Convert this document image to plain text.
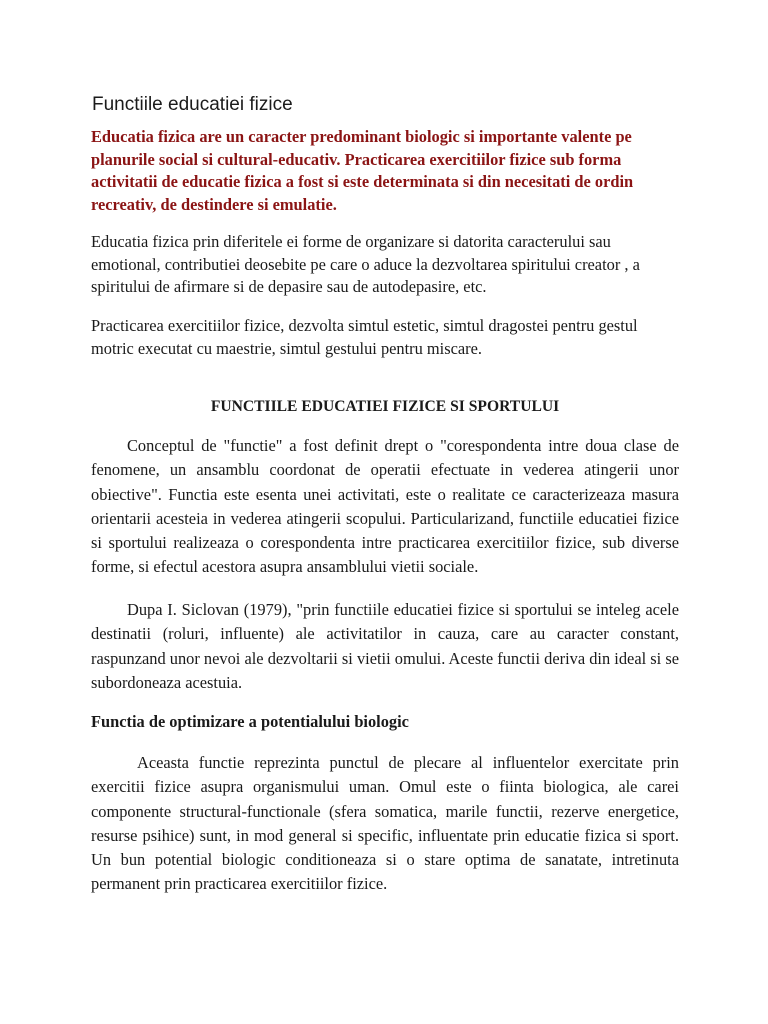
Functiile educatiei fizice

Educatia fizica are un caracter predominant biologic si importante valente pe planurile social si cultural-educativ. Practicarea exercitiilor fizice sub forma activitatii de educatie fizica a fost si este determinata si din necesitati de ordin recreativ, de destindere si emulatie.

Educatia fizica prin diferitele ei forme de organizare si datorita caracterului sau emotional, contributiei deosebite pe care o aduce la dezvoltarea spiritului creator , a spiritului de afirmare si de depasire sau de autodepasire, etc.

Practicarea exercitiilor fizice, dezvolta simtul estetic, simtul dragostei pentru gestul motric executat cu maestrie, simtul gestului pentru miscare.

FUNCTIILE EDUCATIEI FIZICE SI SPORTULUI

Conceptul de "functie" a fost definit drept o "corespondenta intre doua clase de fenomene, un ansamblu coordonat de operatii efectuate in vederea atingerii unor obiective". Functia este esenta unei activitati, este o realitate ce caracterizeaza masura orientarii acesteia in vederea atingerii scopului. Particularizand, functiile educatiei fizice si sportului realizeaza o corespondenta intre practicarea exercitiilor fizice, sub diverse forme, si efectul acestora asupra ansamblului vietii sociale.

Dupa I. Siclovan (1979), "prin functiile educatiei fizice si sportului se inteleg acele destinatii (roluri, influente) ale activitatilor in cauza, care au caracter constant, raspunzand unor nevoi ale dezvoltarii si vietii omului. Aceste functii deriva din ideal si se subordoneaza acestuia.

Functia de optimizare a potentialului biologic

Aceasta functie reprezinta punctul de plecare al influentelor exercitate prin exercitii fizice asupra organismului uman. Omul este o fiinta biologica, ale carei componente structural-functionale (sfera somatica, marile functii, rezerve energetice, resurse psihice) sunt, in mod general si specific, influentate prin educatie fizica si sport. Un bun potential biologic conditioneaza si o stare optima de sanatate, intretinuta permanent prin practicarea exercitiilor fizice.
